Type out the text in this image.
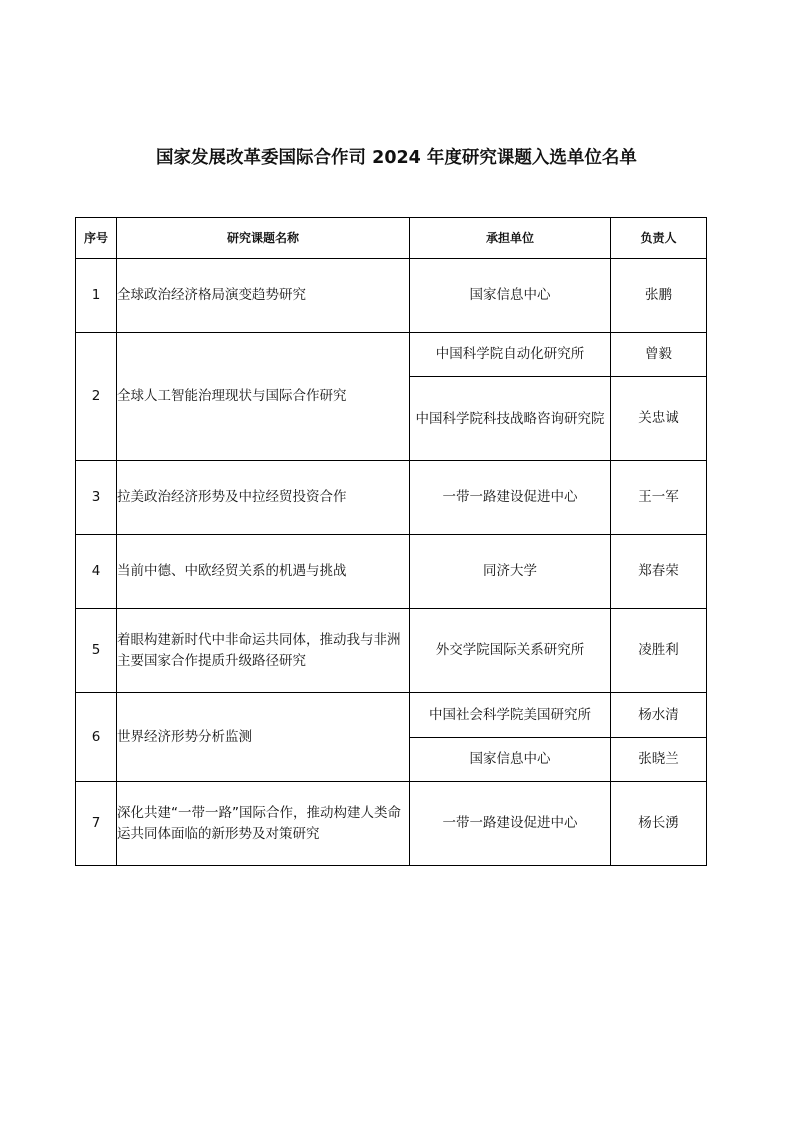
国家发展改革委国际合作司 2024 年度研究课题入选单位名单
序号	研究课题名称	承担单位	负责人
1	全球政治经济格局演变趋势研究	国家信息中心	张鹏
2	全球人工智能治理现状与国际合作研究	中国科学院自动化研究所	曾毅

		中国科学院科技战略咨询研究院	关忠诚
3	拉美政治经济形势及中拉经贸投资合作	一带一路建设促进中心	王一军
4	当前中德、中欧经贸关系的机遇与挑战	同济大学	郑春荣
5	着眼构建新时代中非命运共同体，推动我与非洲主要国家合作提质升级路径研究	外交学院国际关系研究所	凌胜利
6	世界经济形势分析监测	中国社会科学院美国研究所	杨水清
		国家信息中心	张晓兰
7	深化共建“一带一路”国际合作，推动构建人类命运共同体面临的新形势及对策研究	一带一路建设促进中心	杨长湧
